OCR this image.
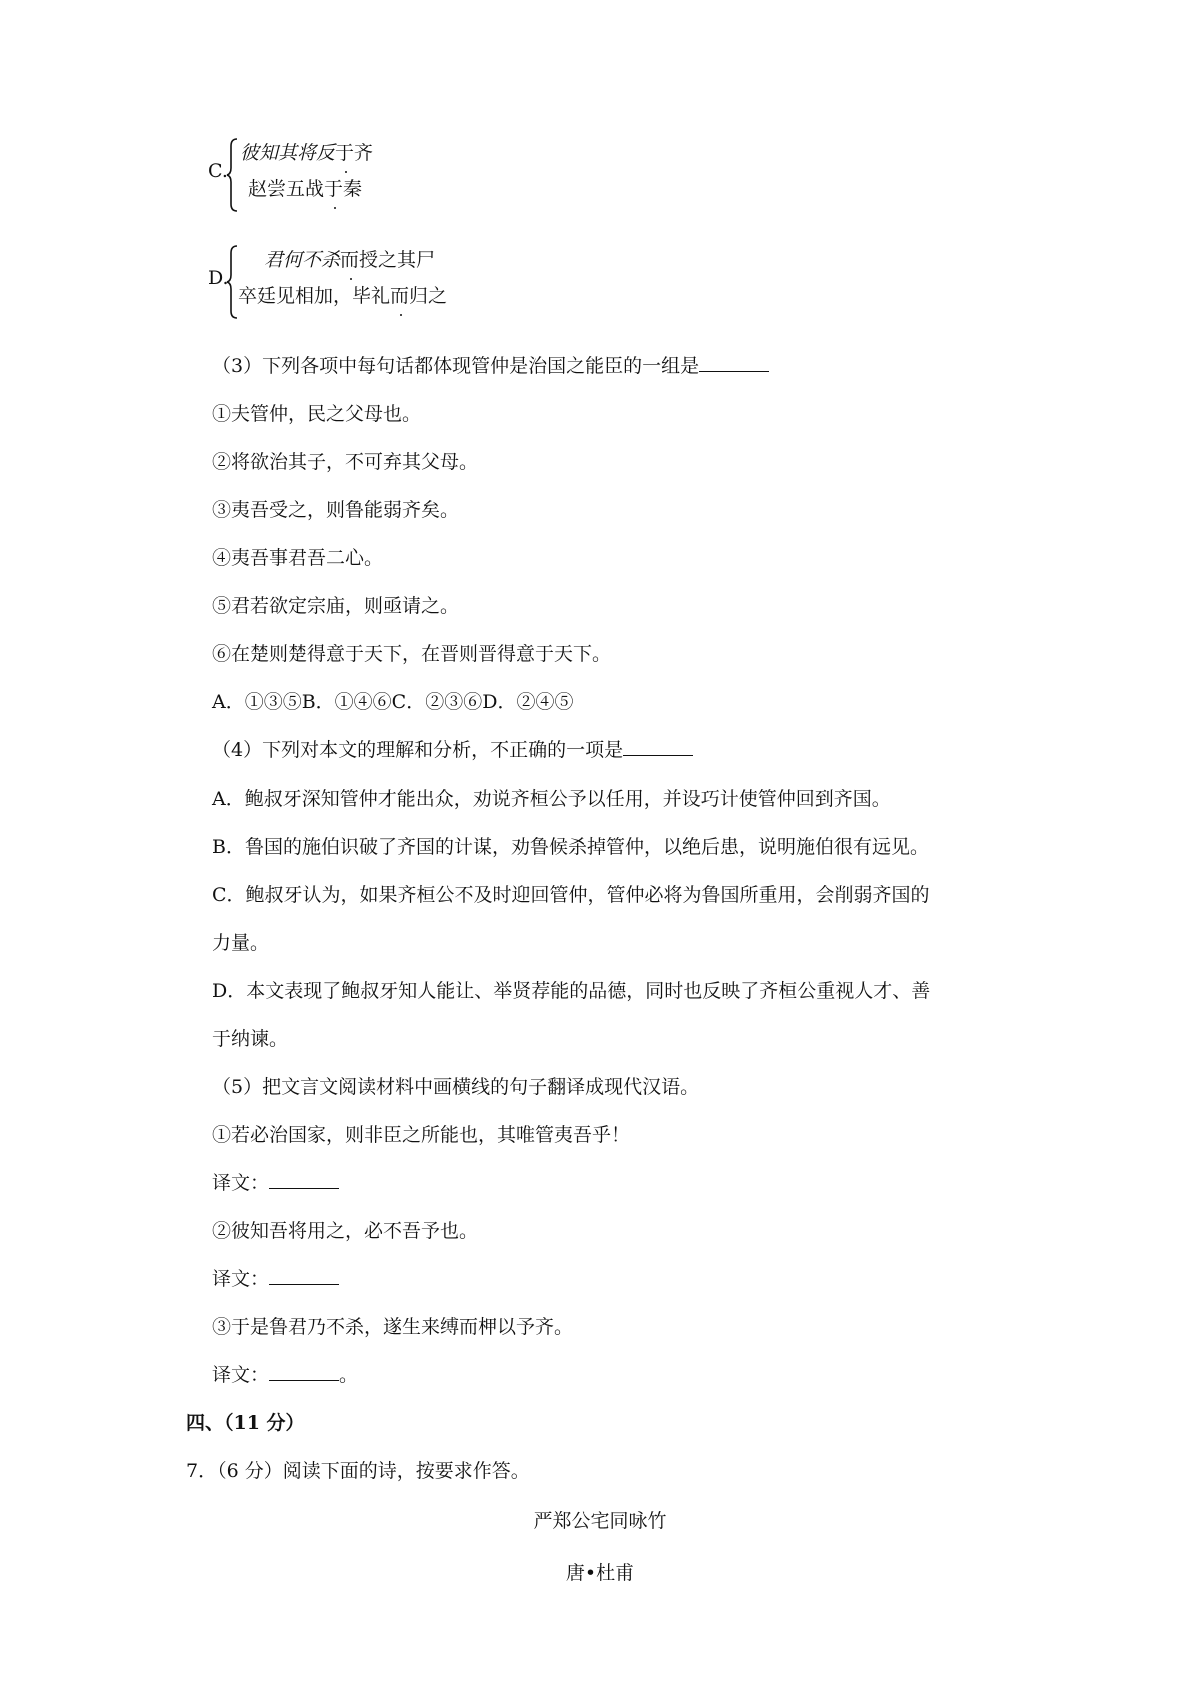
C.
彼知其将反于齐
赵尝五战于秦
D.
君何不杀而授之其尸
卒廷见相加，毕礼而归之
（3）下列各项中每句话都体现管仲是治国之能臣的一组是
①夫管仲，民之父母也。
②将欲治其子，不可弃其父母。
③夷吾受之，则鲁能弱齐矣。
④夷吾事君吾二心。
⑤君若欲定宗庙，则亟请之。
⑥在楚则楚得意于天下，在晋则晋得意于天下。
A．①③⑤B．①④⑥C．②③⑥D．②④⑤
（4）下列对本文的理解和分析，不正确的一项是
A．鲍叔牙深知管仲才能出众，劝说齐桓公予以任用，并设巧计使管仲回到齐国。
B．鲁国的施伯识破了齐国的计谋，劝鲁候杀掉管仲，以绝后患，说明施伯很有远见。
C．鲍叔牙认为，如果齐桓公不及时迎回管仲，管仲必将为鲁国所重用，会削弱齐国的
力量。
D．本文表现了鲍叔牙知人能让、举贤荐能的品德，同时也反映了齐桓公重视人才、善
于纳谏。
（5）把文言文阅读材料中画横线的句子翻译成现代汉语。
①若必治国家，则非臣之所能也，其唯管夷吾乎！
译文：
②彼知吾将用之，必不吾予也。
译文：
③于是鲁君乃不杀，遂生来缚而柙以予齐。
译文：	。
四、（11 分）
7．（6 分）阅读下面的诗，按要求作答。
严郑公宅同咏竹
唐•杜甫
